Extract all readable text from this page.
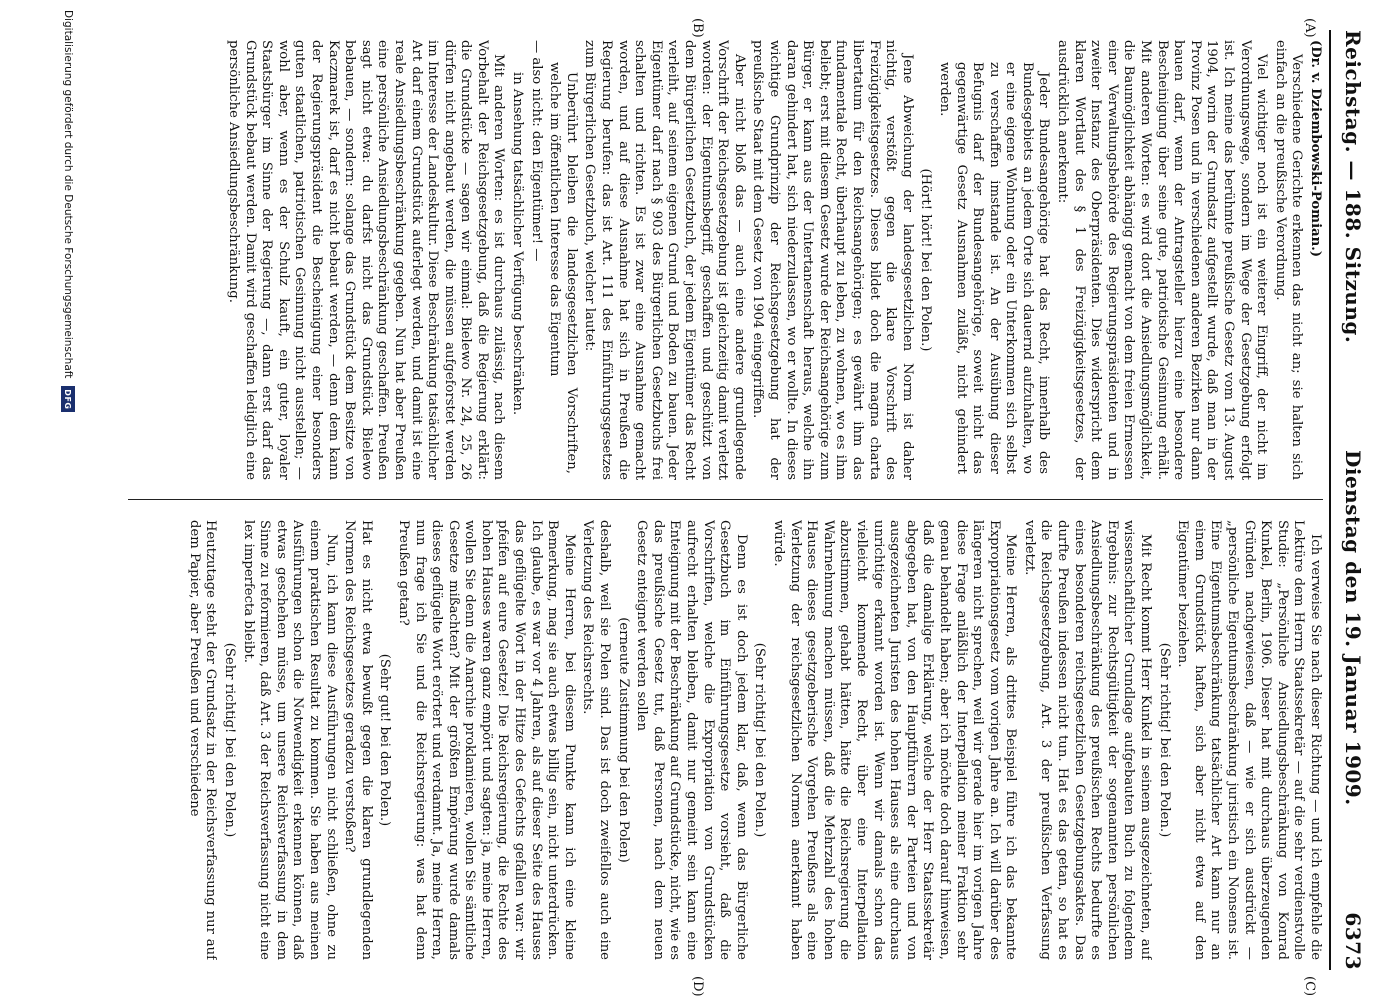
Reichstag. — 188. Sitzung.
Dienstag den 19. Januar 1909.
6373
(A)
(B)
(C)
(D)

(Dr. v. Dziembowski-Pomian.)

Verschiedene Gerichte erkennen das nicht an; sie halten sich einfach an die preußische Verordnung.

Viel wichtiger noch ist ein weiterer Eingriff, der nicht im Verordnungswege, sondern im Wege der Gesetzgebung erfolgt ist. Ich meine das berühmte preußische Gesetz vom 13. August 1904, worin der Grundsatz aufgestellt wurde, daß man in der Provinz Posen und in verschiedenen anderen Bezirken nur dann bauen darf, wenn der Antragsteller hierzu eine besondere Bescheinigung über seine gute, patriotische Gesinnung erhält. Mit anderen Worten: es wird dort die Ansiedlungsmöglichkeit, die Baumöglichkeit abhängig gemacht von dem freien Ermessen einer Verwaltungsbehörde des Regierungspräsidenten und in zweiter Instanz des Oberpräsidenten. Dies widerspricht dem klaren Wortlaut des § 1 des Freizügigkeitsgesetzes, der ausdrücklich anerkennt:

Jeder Bundesangehörige hat das Recht, innerhalb des Bundesgebiets an jedem Orte sich dauernd aufzuhalten, wo er eine eigene Wohnung oder ein Unterkommen sich selbst zu verschaffen imstande ist. An der Ausübung dieser Befugnis darf der Bundesangehörige, soweit nicht das gegenwärtige Gesetz Ausnahmen zuläßt, nicht gehindert werden.

(Hört! hört! bei den Polen.)

Jene Abweichung der landesgesetzlichen Norm ist daher nichtig, verstößt gegen die klare Vorschrift des Freizügigkeitsgesetzes. Dieses bildet doch die magna charta libertatum für den Reichsangehörigen; es gewährt ihm das fundamentale Recht, überhaupt zu leben, zu wohnen, wo es ihm beliebt; erst mit diesem Gesetz wurde der Reichsangehörige zum Bürger, er kann aus der Untertanenschaft heraus, welche ihn daran gehindert hat, sich niederzulassen, wo er wollte. In dieses wichtige Grundprinzip der Reichsgesetzgebung hat der preußische Staat mit dem Gesetz von 1904 eingegriffen.

Aber nicht bloß das — auch eine andere grundlegende Vorschrift der Reichsgesetzgebung ist gleichzeitig damit verletzt worden: der Eigentumsbegriff, geschaffen und geschützt von dem Bürgerlichen Gesetzbuch, der jedem Eigentümer das Recht verleiht, auf seinem eigenen Grund und Boden zu bauen. Jeder Eigentümer darf nach § 903 des Bürgerlichen Gesetzbuchs frei schalten und richten. Es ist zwar eine Ausnahme gemacht worden, und auf diese Ausnahme hat sich in Preußen die Regierung berufen: das ist Art. 111 des Einführungsgesetzes zum Bürgerlichen Gesetzbuch, welcher lautet:

Unberührt bleiben die landesgesetzlichen Vorschriften, welche im öffentlichen Interesse das Eigentum

— also nicht: den Eigentümer! —

in Ansehung tatsächlicher Verfügung beschränken.

Mit anderen Worten: es ist durchaus zulässig, nach diesem Vorbehalt der Reichsgesetzgebung, daß die Regierung erklärt: die Grundstücke — sagen wir einmal: Bielewo Nr. 24, 25, 26 dürfen nicht angebaut werden, die müssen aufgeforstet werden im Interesse der Landeskultur. Diese Beschränkung tatsächlicher Art darf einem Grundstück auferlegt werden, und damit ist eine reale Ansiedlungsbeschränkung gegeben. Nun hat aber Preußen eine persönliche Ansiedlungsbeschränkung geschaffen. Preußen sagt nicht etwa: du darfst nicht das Grundstück Bielewo bebauen, — sondern: solange das Grundstück dem Besitze von Kaczmarek ist, darf es nicht bebaut werden, — denn dem kann der Regierungspräsident die Bescheinigung einer besonders guten staatlichen, patriotischen Gesinnung nicht ausstellen; — wohl aber, wenn es der Schulz kauft, ein guter, loyaler Staatsbürger im Sinne der Regierung —, dann erst darf das Grundstück bebaut werden. Damit wird geschaffen lediglich eine persönliche Ansiedlungsbeschränkung.

Ich verweise Sie nach dieser Richtung — und ich empfehle die Lektüre dem Herrn Staatssekretär — auf die sehr verdienstvolle Studie: „Persönliche Ansiedlungsbeschränkung von Konrad Kunkel, Berlin, 1906. Dieser hat mit durchaus überzeugenden Gründen nachgewiesen, daß — wie er sich ausdrückt — „persönliche Eigentumsbeschränkung juristisch ein Nonsens ist. Eine Eigentumsbeschränkung tatsächlicher Art kann nur an einem Grundstück haften, sich aber nicht etwa auf den Eigentümer beziehen.

(Sehr richtig! bei den Polen.)

Mit Recht kommt Herr Kunkel in seinem ausgezeichneten, auf wissenschaftlicher Grundlage aufgebauten Buch zu folgendem Ergebnis: zur Rechtsgültigkeit der sogenannten persönlichen Ansiedlungsbeschränkung des preußischen Rechts bedurfte es eines besonderen reichsgesetzlichen Gesetzgebungsaktes. Das durfte Preußen indessen nicht tun. Hat es das getan, so hat es die Reichsgesetzgebung, Art. 3 der preußischen Verfassung verletzt.

Meine Herren, als drittes Beispiel führe ich das bekannte Expropriationsgesetz vom vorigen Jahre an. Ich will darüber des längeren nicht sprechen, weil wir gerade hier im vorigen Jahre diese Frage anläßlich der Interpellation meiner Fraktion sehr genau behandelt haben; aber ich möchte doch darauf hinweisen, daß die damalige Erklärung, welche der Herr Staatssekretär abgegeben hat, von den Hauptführern der Parteien und von ausgezeichneten Juristen des hohen Hauses als eine durchaus unrichtige erkannt worden ist. Wenn wir damals schon das vielleicht kommende Recht, über eine Interpellation abzustimmen, gehabt hätten, hätte die Reichsregierung die Wahrnehmung machen müssen, daß die Mehrzahl des hohen Hauses dieses gesetzgeberische Vorgehen Preußens als eine Verletzung der reichsgesetzlichen Normen anerkannt haben würde.

(Sehr richtig! bei den Polen.)

Denn es ist doch jedem klar, daß, wenn das Bürgerliche Gesetzbuch im Einführungsgesetze vorsieht, daß die Vorschriften, welche die Expropriation von Grundstücken aufrecht erhalten bleiben, damit nur gemeint sein kann eine Enteignung mit der Beschränkung auf Grundstücke, nicht, wie es das preußische Gesetz tut, daß Personen, nach dem neuen Gesetz enteignet werden sollen

(erneute Zustimmung bei den Polen)

deshalb, weil sie Polen sind. Das ist doch zweifellos auch eine Verletzung des Reichsrechts.

Meine Herren, bei diesem Punkte kann ich eine kleine Bemerkung, mag sie auch etwas billig sein, nicht unterdrücken. Ich glaube, es war vor 4 Jahren, als auf dieser Seite des Hauses das geflügelte Wort in der Hitze des Gefechts gefallen war: wir pfeifen auf eure Gesetze! Die Reichsregierung, die Rechte des hohen Hauses waren ganz empört und sagten: ja, meine Herren, wollen Sie denn die Anarchie proklamieren, wollen Sie sämtliche Gesetze mißachten? Mit der größten Empörung wurde damals dieses geflügelte Wort erörtert und verdammt. Ja, meine Herren, nun frage ich Sie und die Reichsregierung: was hat denn Preußen getan?

(Sehr gut! bei den Polen.)

Hat es nicht etwa bewußt gegen die klaren grundlegenden Normen des Reichsgesetzes geradezu verstoßen?

Nun, ich kann diese Ausführungen nicht schließen, ohne zu einem praktischen Resultat zu kommen. Sie haben aus meinen Ausführungen schon die Notwendigkeit erkennen können, daß etwas geschehen müsse, um unsere Reichsverfassung in dem Sinne zu reformieren, daß Art. 3 der Reichsverfassung nicht eine lex imperfecta bleibt.

(Sehr richtig! bei den Polen.)

Heutzutage steht der Grundsatz in der Reichsverfassung nur auf dem Papier, aber Preußen und verschiedene

Digitalisierung gefördert durch die Deutsche Forschungsgemeinschaft
DFG
